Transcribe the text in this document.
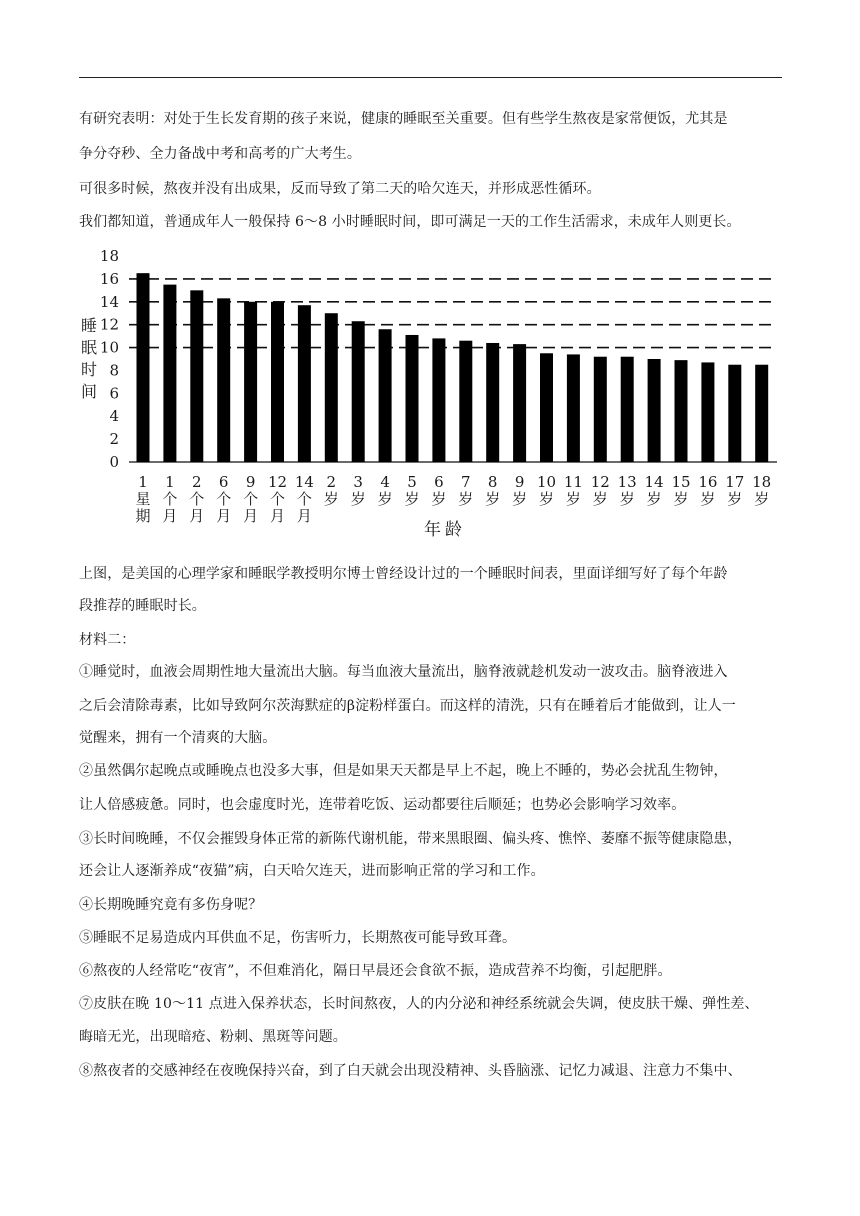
有研究表明：对处于生长发育期的孩子来说，健康的睡眠至关重要。但有些学生熬夜是家常便饭，尤其是
争分夺秒、全力备战中考和高考的广大考生。
可很多时候，熬夜并没有出成果，反而导致了第二天的哈欠连天，并形成恶性循环。
我们都知道，普通成年人一般保持 6～8 小时睡眠时间，即可满足一天的工作生活需求，未成年人则更长。
0
2
4
6
8
10
12
14
16
18
1
星
期
1
个
月
2
个
月
6
个
月
9
个
月
12
个
月
14
个
月
2
岁
3
岁
4
岁
5
岁
6
岁
7
岁
8
岁
9
岁
10
岁
11
岁
12
岁
13
岁
14
岁
15
岁
16
岁
17
岁
18
岁
睡
眠
时
间
年龄
上图，是美国的心理学家和睡眠学教授明尔博士曾经设计过的一个睡眠时间表，里面详细写好了每个年龄
段推荐的睡眠时长。
材料二：
①睡觉时，血液会周期性地大量流出大脑。每当血液大量流出，脑脊液就趁机发动一波攻击。脑脊液进入
之后会清除毒素，比如导致阿尔茨海默症的β淀粉样蛋白。而这样的清洗，只有在睡着后才能做到，让人一
觉醒来，拥有一个清爽的大脑。
②虽然偶尔起晚点或睡晚点也没多大事，但是如果天天都是早上不起，晚上不睡的，势必会扰乱生物钟，
让人倍感疲惫。同时，也会虚度时光，连带着吃饭、运动都要往后顺延；也势必会影响学习效率。
③长时间晚睡，不仅会摧毁身体正常的新陈代谢机能，带来黑眼圈、偏头疼、憔悴、萎靡不振等健康隐患，
还会让人逐渐养成“夜猫”病，白天哈欠连天，进而影响正常的学习和工作。
④长期晚睡究竟有多伤身呢？
⑤睡眠不足易造成内耳供血不足，伤害听力，长期熬夜可能导致耳聋。
⑥熬夜的人经常吃“夜宵”，不但难消化，隔日早晨还会食欲不振，造成营养不均衡，引起肥胖。
⑦皮肤在晚 10～11 点进入保养状态，长时间熬夜，人的内分泌和神经系统就会失调，使皮肤干燥、弹性差、
晦暗无光，出现暗疮、粉刺、黑斑等问题。
⑧熬夜者的交感神经在夜晚保持兴奋，到了白天就会出现没精神、头昏脑涨、记忆力减退、注意力不集中、
